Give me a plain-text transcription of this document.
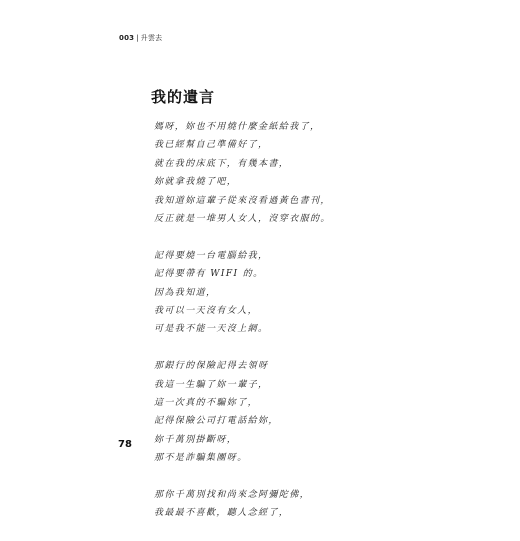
003 | 升雲去
我的遺言
媽呀，妳也不用燒什麼金紙給我了，
我已經幫自己準備好了，
就在我的床底下，有幾本書，
妳就拿我燒了吧，
我知道妳這輩子從來沒看過黃色書刊，
反正就是一堆男人女人，沒穿衣服的。
記得要燒一台電腦給我，
記得要帶有 WIFI 的。
因為我知道，
我可以一天沒有女人，
可是我不能一天沒上網。
那銀行的保險記得去領呀
我這一生騙了妳一輩子，
這一次真的不騙妳了，
記得保險公司打電話給妳，
妳千萬別掛斷呀，
那不是詐騙集團呀。
那你千萬別找和尚來念阿彌陀佛，
我最最不喜歡，聽人念經了，
78
